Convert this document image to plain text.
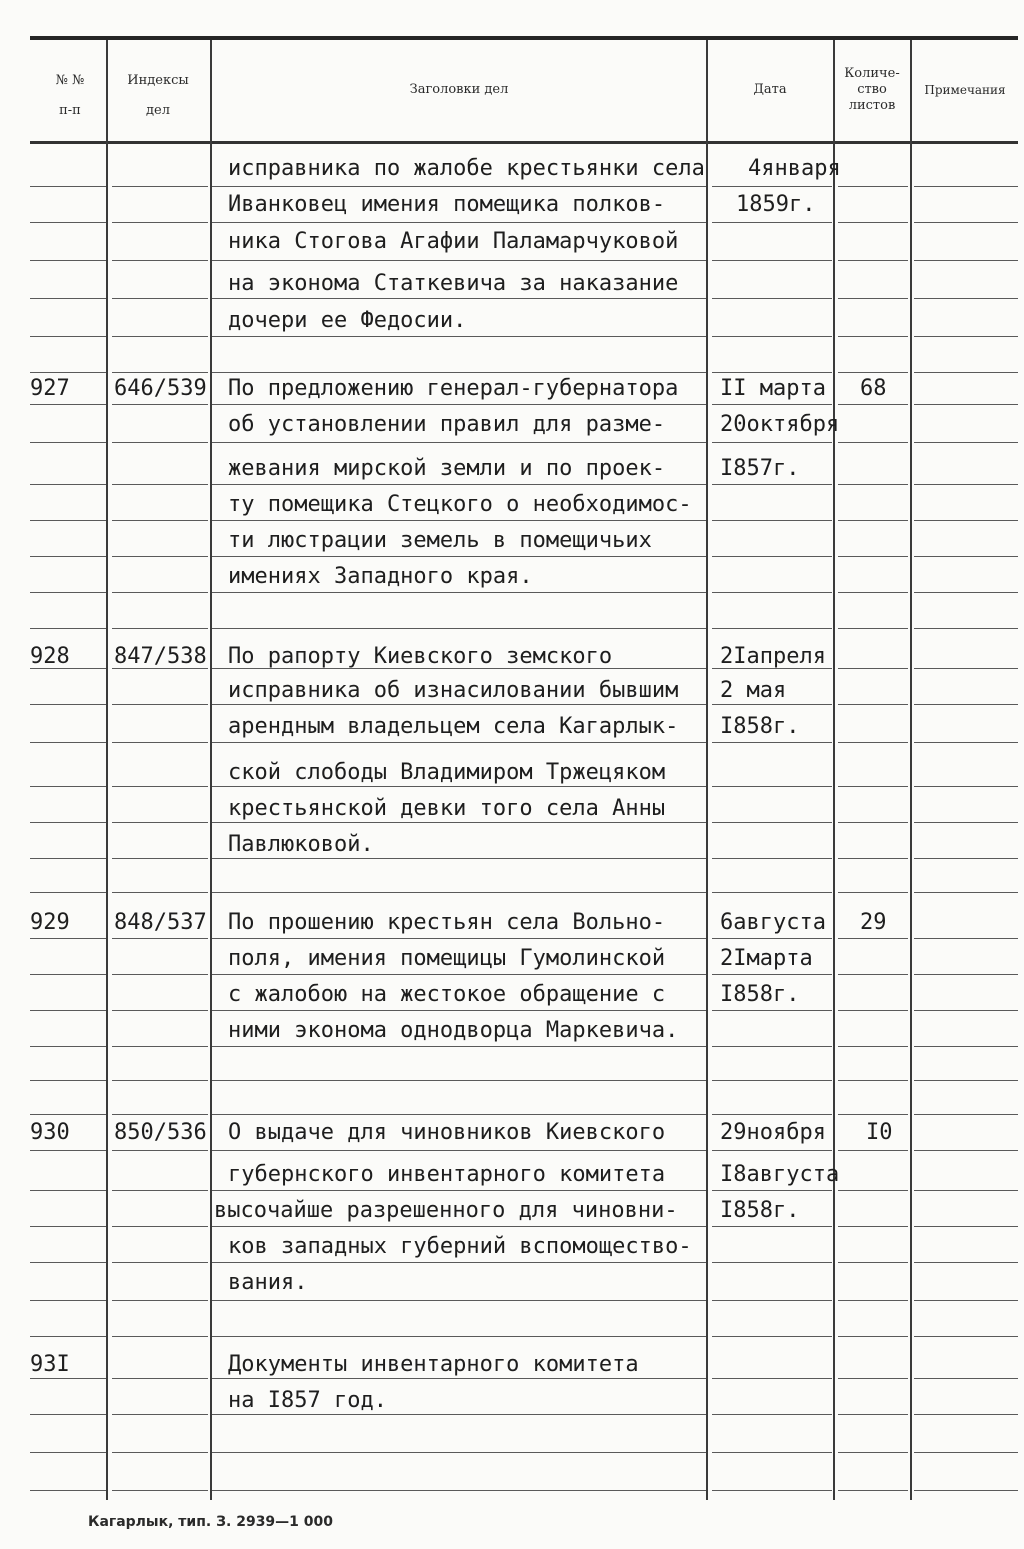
№ №
п-п
Индексы
дел
Заголовки дел	Дата
Количе-
ство
листов
Примечания
исправника по жалобе крестьянки села
Иванковец имения помещика полков-
ника Стогова Агафии Паламарчуковой
на эконома Статкевича за наказание
дочери ее Федосии.
4января
1859г.
927 646/539 По предложению генерал-губернатора
об установлении правил для разме-
жевания мирской земли и по проек-
ту помещика Стецкого о необходимос-
ти люстрации земель в помещичьих
имениях Западного края.
II марта
20октября
I857г.
68
928 847/538 По рапорту Киевского земского
исправника об изнасиловании бывшим
арендным владельцем села Кагарлык-
ской слободы Владимиром Тржецяком
крестьянской девки того села Анны
Павлюковой.
2Iапреля
2 мая
I858г.
929 848/537 По прошению крестьян села Вольно-
поля, имения помещицы Гумолинской
с жалобою на жестокое обращение с
ними эконома однодворца Маркевича.
6августа
2Iмарта
I858г.
29
930 850/536 О выдаче для чиновников Киевского
губернского инвентарного комитета
высочайше разрешенного для чиновни-
ков западных губерний вспомощество-
вания.
29ноября
I8августа
I858г.
I0
93I	Документы инвентарного комитета
на I857 год.
Кагарлык, тип. З. 2939—1 000
